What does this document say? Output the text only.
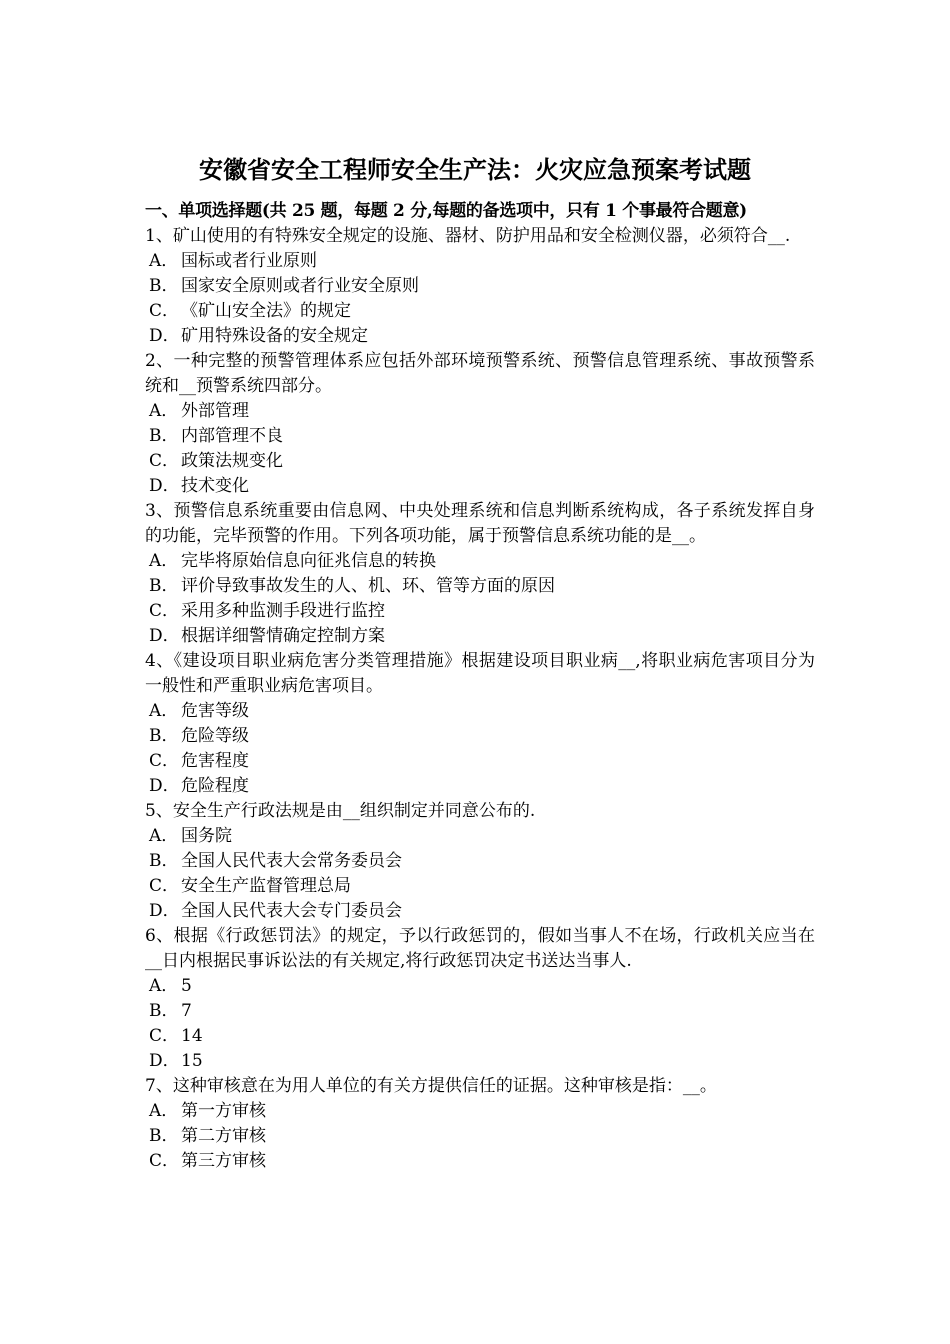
安徽省安全工程师安全生产法：火灾应急预案考试题
一、单项选择题(共 25 题，每题 2 分,每题的备选项中，只有 1 个事最符合题意)
1、矿山使用的有特殊安全规定的设施、器材、防护用品和安全检测仪器，必须符合__.
A． 国标或者行业原则
B． 国家安全原则或者行业安全原则
C． 《矿山安全法》的规定
D．矿用特殊设备的安全规定
2、一种完整的预警管理体系应包括外部环境预警系统、预警信息管理系统、事故预警系统和__预警系统四部分。
A． 外部管理
B． 内部管理不良
C． 政策法规变化
D．技术变化
3、预警信息系统重要由信息网、中央处理系统和信息判断系统构成，各子系统发挥自身的功能，完毕预警的作用。下列各项功能，属于预警信息系统功能的是__。
A． 完毕将原始信息向征兆信息的转换
B． 评价导致事故发生的人、机、环、管等方面的原因
C． 采用多种监测手段进行监控
D．根据详细警情确定控制方案
4、《建设项目职业病危害分类管理措施》根据建设项目职业病__,将职业病危害项目分为一般性和严重职业病危害项目。
A． 危害等级
B． 危险等级
C． 危害程度
D．危险程度
5、安全生产行政法规是由__组织制定并同意公布的.
A． 国务院
B． 全国人民代表大会常务委员会
C． 安全生产监督管理总局
D．全国人民代表大会专门委员会
6、根据《行政惩罚法》的规定，予以行政惩罚的，假如当事人不在场，行政机关应当在__日内根据民事诉讼法的有关规定,将行政惩罚决定书送达当事人.
A． 5
B． 7
C． 14
D．15
7、这种审核意在为用人单位的有关方提供信任的证据。这种审核是指：__。
A． 第一方审核
B． 第二方审核
C． 第三方审核
